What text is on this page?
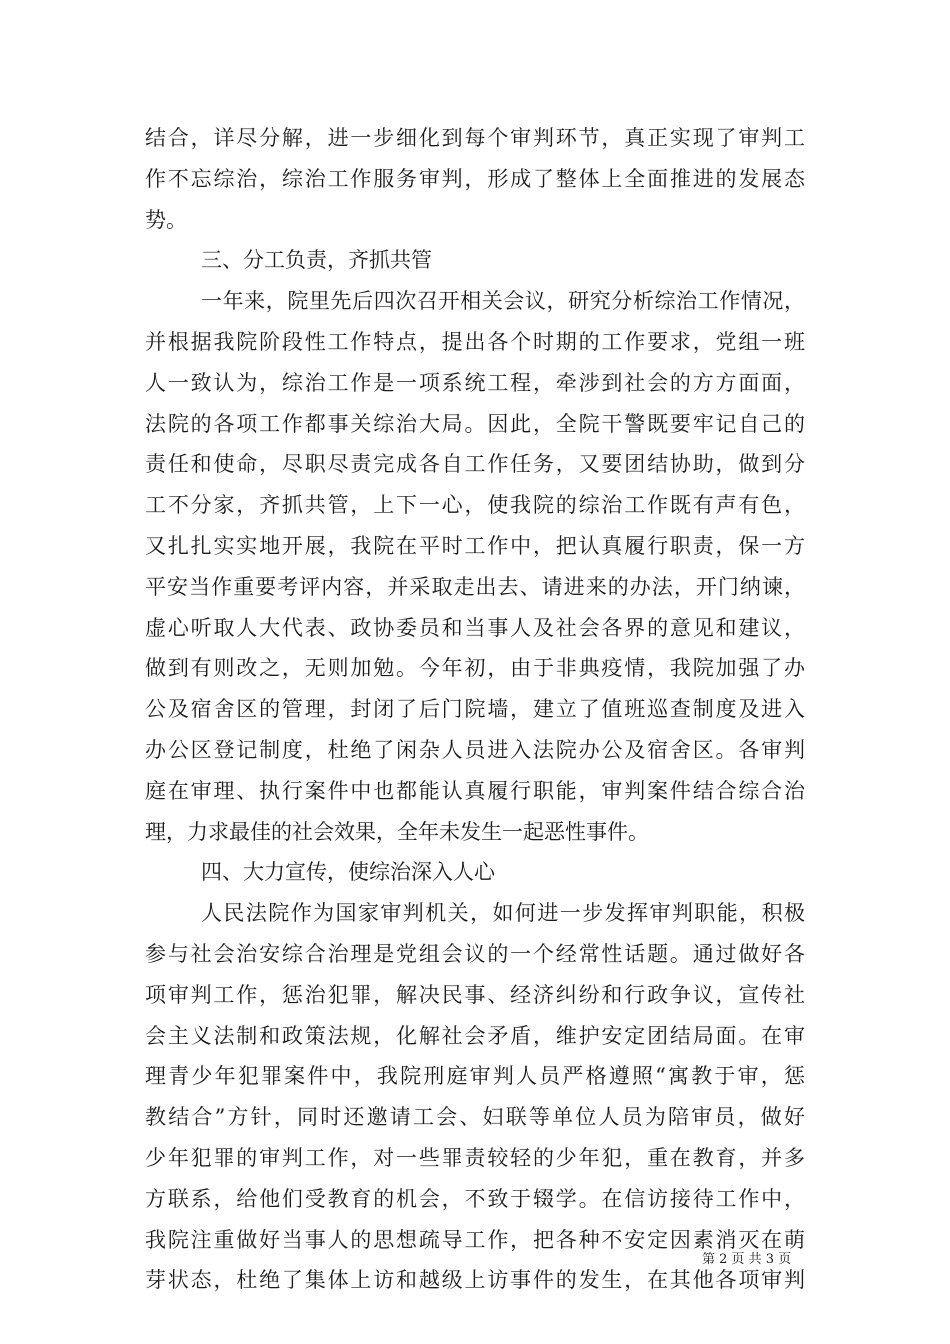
结合，详尽分解，进一步细化到每个审判环节，真正实现了审判工
作不忘综治，综治工作服务审判，形成了整体上全面推进的发展态
势。
三、分工负责，齐抓共管
一年来，院里先后四次召开相关会议，研究分析综治工作情况，
并根据我院阶段性工作特点，提出各个时期的工作要求，党组一班
人一致认为，综治工作是一项系统工程，牵涉到社会的方方面面，
法院的各项工作都事关综治大局。因此，全院干警既要牢记自己的
责任和使命，尽职尽责完成各自工作任务，又要团结协助，做到分
工不分家，齐抓共管，上下一心，使我院的综治工作既有声有色，
又扎扎实实地开展，我院在平时工作中，把认真履行职责，保一方
平安当作重要考评内容，并采取走出去、请进来的办法，开门纳谏，
虚心听取人大代表、政协委员和当事人及社会各界的意见和建议，
做到有则改之，无则加勉。今年初，由于非典疫情，我院加强了办
公及宿舍区的管理，封闭了后门院墙，建立了值班巡查制度及进入
办公区登记制度，杜绝了闲杂人员进入法院办公及宿舍区。各审判
庭在审理、执行案件中也都能认真履行职能，审判案件结合综合治
理，力求最佳的社会效果，全年未发生一起恶性事件。
四、大力宣传，使综治深入人心
人民法院作为国家审判机关，如何进一步发挥审判职能，积极
参与社会治安综合治理是党组会议的一个经常性话题。通过做好各
项审判工作，惩治犯罪，解决民事、经济纠纷和行政争议，宣传社
会主义法制和政策法规，化解社会矛盾，维护安定团结局面。在审
理青少年犯罪案件中，我院刑庭审判人员严格遵照“寓教于审，惩
教结合”方针，同时还邀请工会、妇联等单位人员为陪审员，做好
少年犯罪的审判工作，对一些罪责较轻的少年犯，重在教育，并多
方联系，给他们受教育的机会，不致于辍学。在信访接待工作中，
我院注重做好当事人的思想疏导工作，把各种不安定因素消灭在萌
芽状态，杜绝了集体上访和越级上访事件的发生，在其他各项审判
第 2 页 共 3 页
